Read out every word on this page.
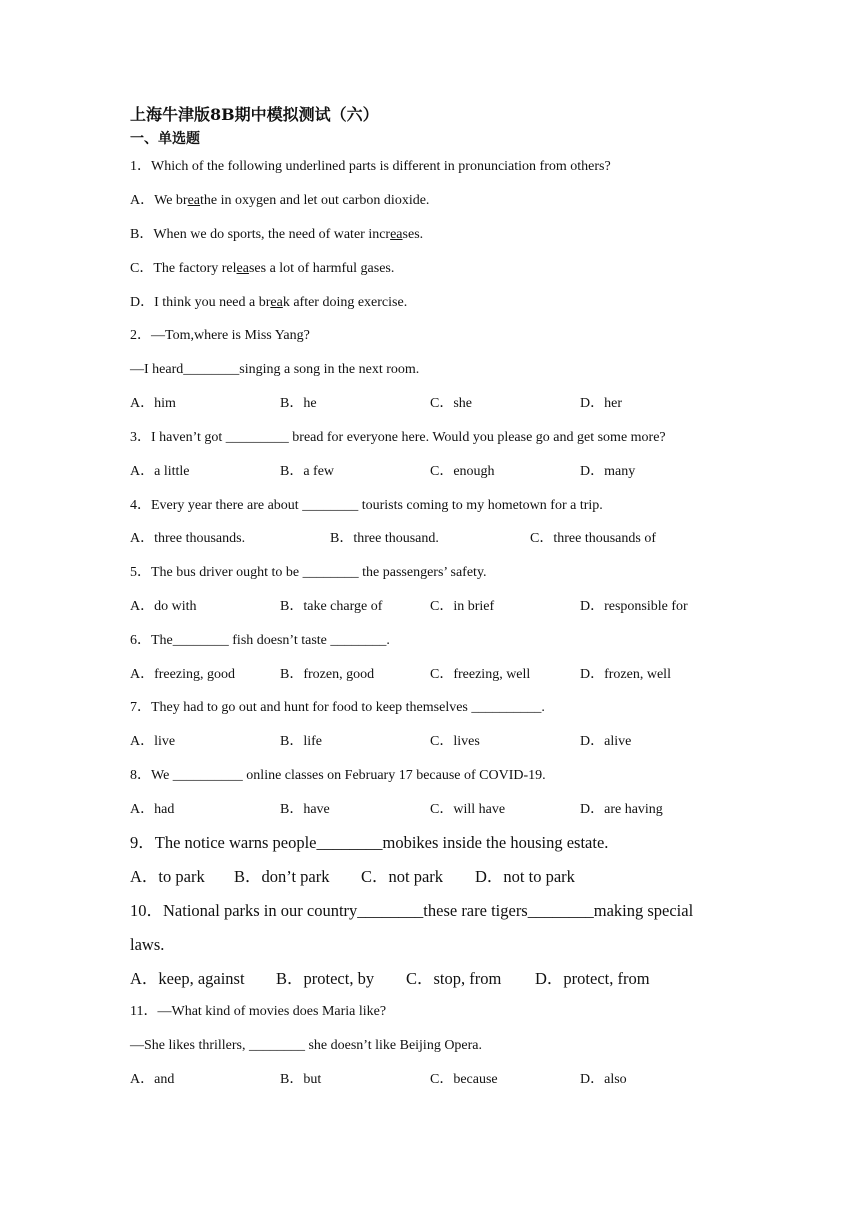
上海牛津版8B期中模拟测试（六）
一、单选题
1．Which of the following underlined parts is different in pronunciation from others?
A．We breathe in oxygen and let out carbon dioxide.
B．When we do sports, the need of water increases.
C．The factory releases a lot of harmful gases.
D．I think you need a break after doing exercise.
2．—Tom,where is Miss Yang?
—I heard________singing a song in the next room.
A．him	B．he	C．she	D．her
3．I haven’t got _________ bread for everyone here. Would you please go and get some more?
A．a little	B．a few	C．enough	D．many
4．Every year there are about ________ tourists coming to my hometown for a trip.
A．three thousands.	B．three thousand.	C．three thousands of
5．The bus driver ought to be ________ the passengers’ safety.
A．do with	B．take charge of	C．in brief	D．responsible for
6．The________ fish doesn’t taste ________.
A．freezing, good	B．frozen, good	C．freezing, well	D．frozen, well
7．They had to go out and hunt for food to keep themselves __________.
A．live	B．life	C．lives	D．alive
8．We __________ online classes on February 17 because of COVID-19.
A．had	B．have	C．will have	D．are having
9．The notice warns people________mobikes inside the housing estate.
A．to park B．don’t park C．not park D．not to park
10．National parks in our country________these rare tigers________making special
laws.
A．keep, against B．protect, by C．stop, from D．protect, from
11．—What kind of movies does Maria like?
—She likes thrillers, ________ she doesn’t like Beijing Opera.
A．and	B．but	C．because	D．also
